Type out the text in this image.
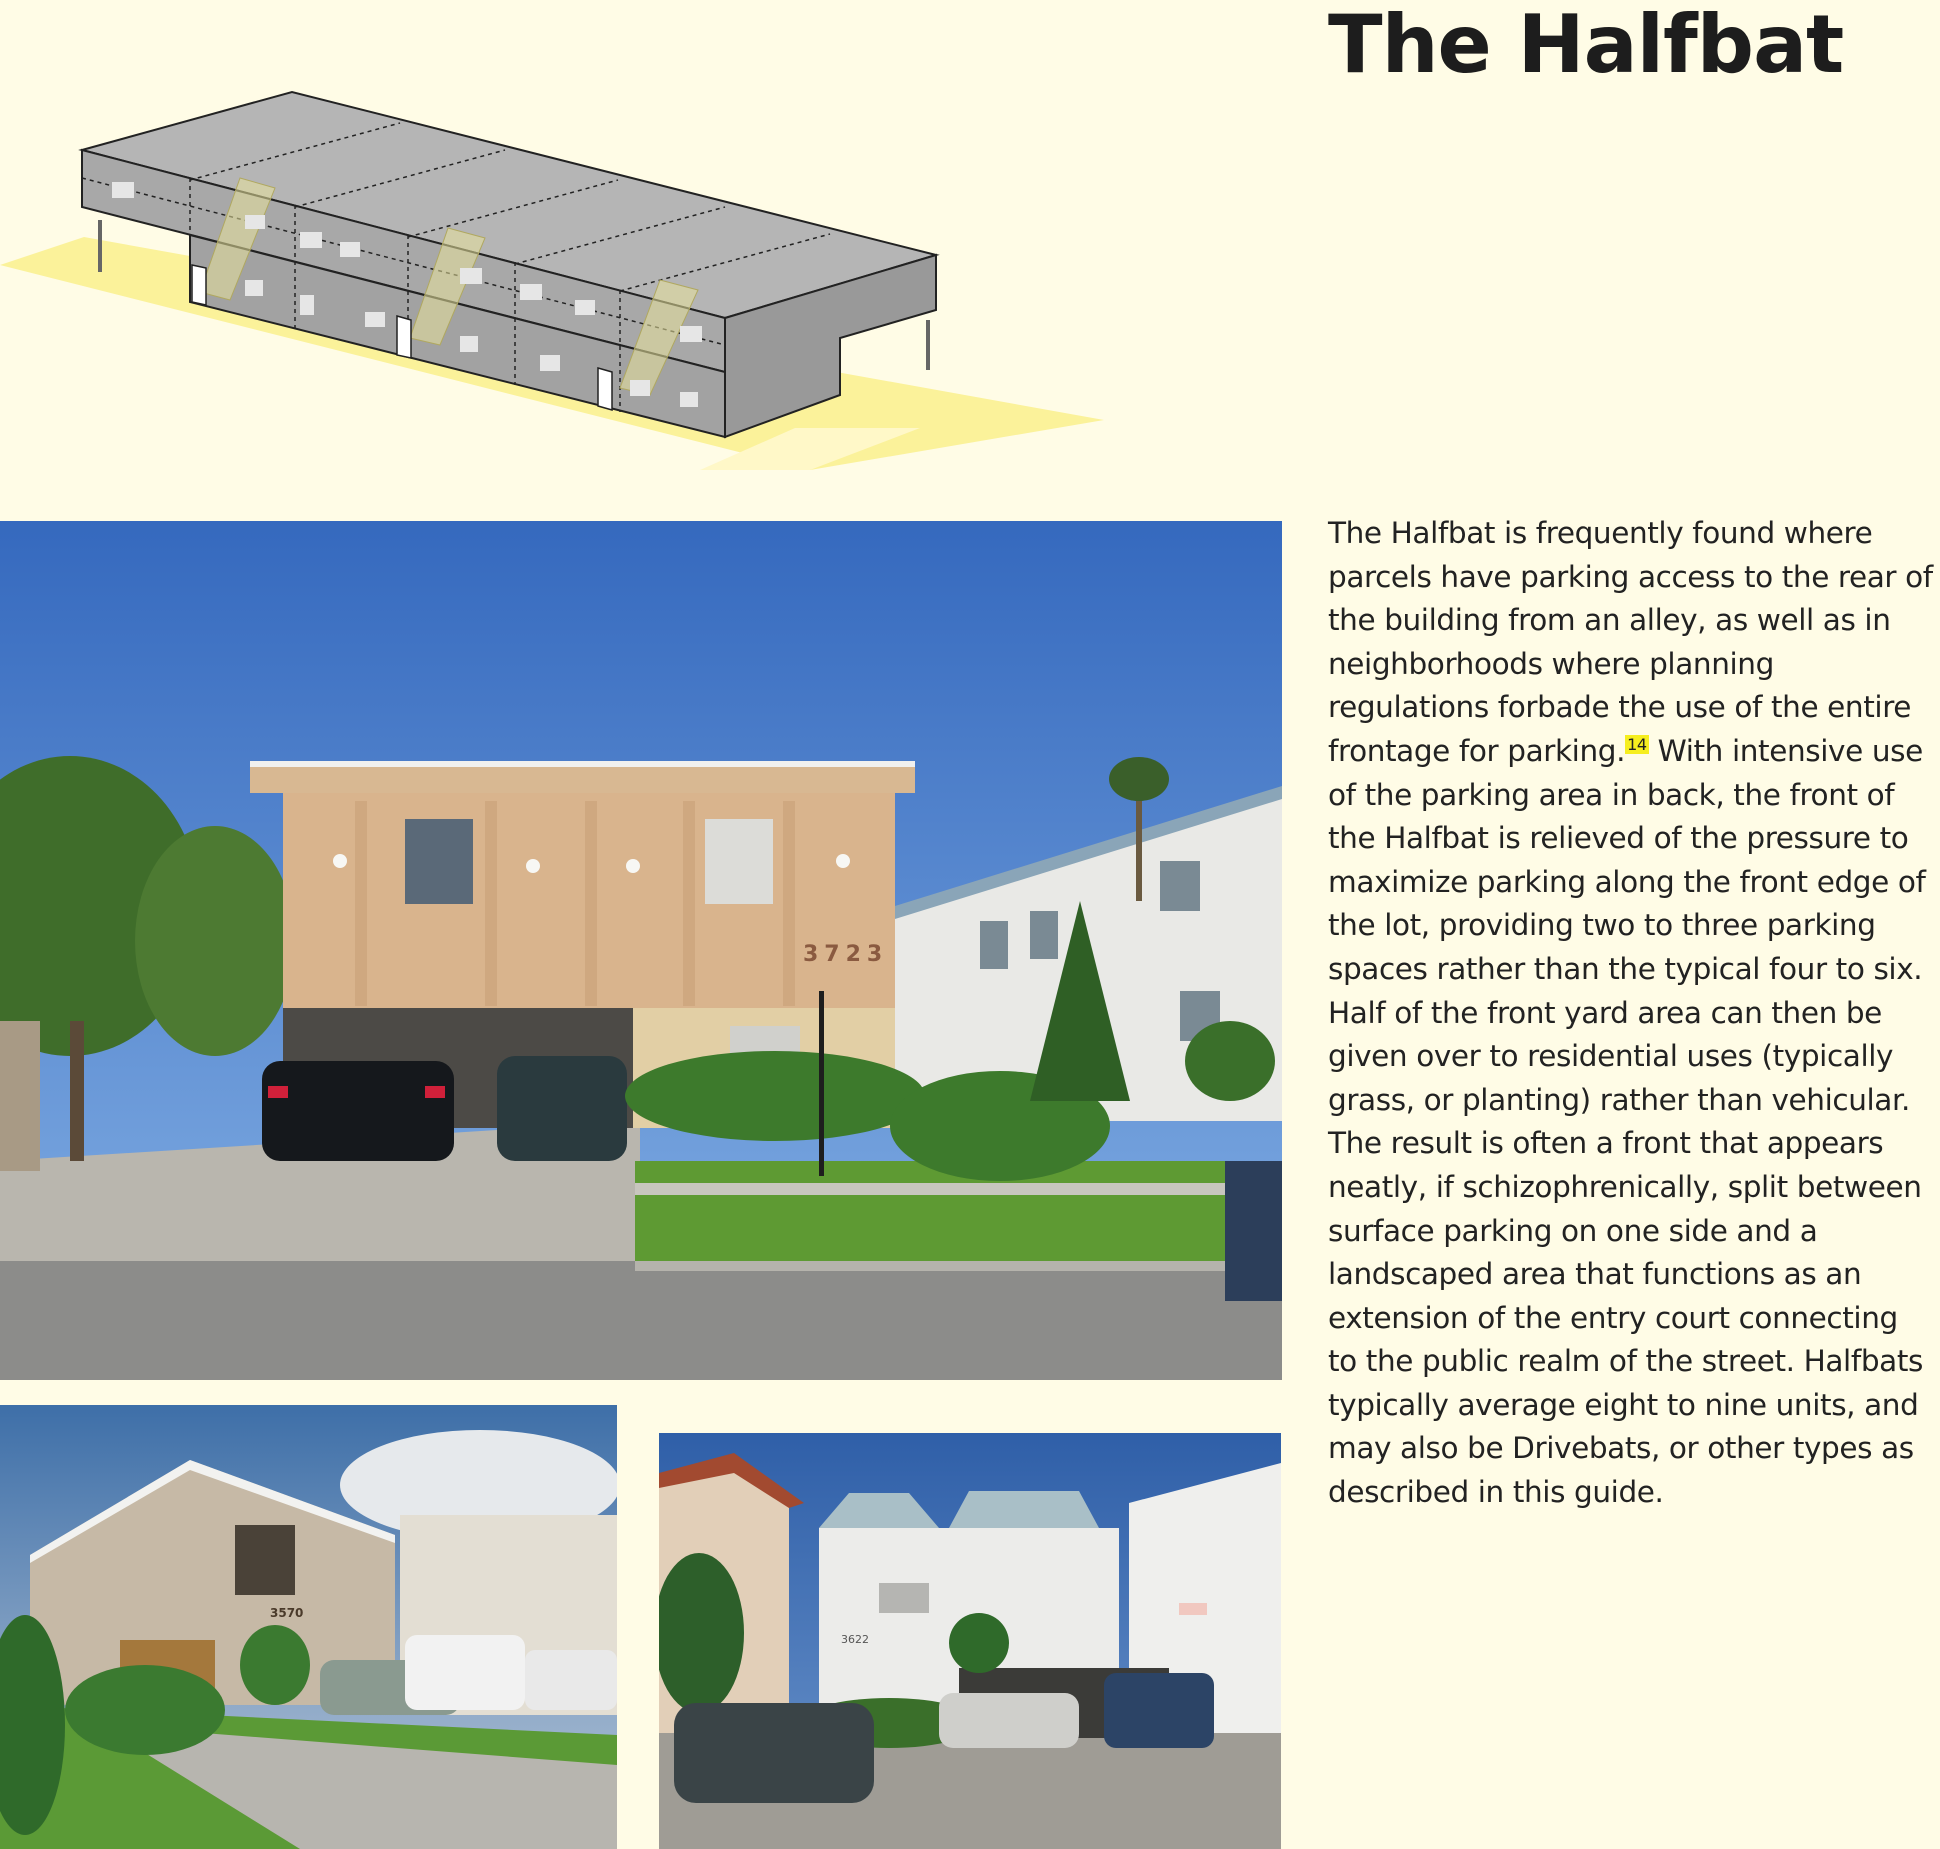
The Halfbat
3723
3570
3622

The Halfbat is frequently found where parcels have parking access to the rear of the building from an alley, as well as in neighborhoods where planning regulations forbade the use of the entire frontage for parking. $^{14}$ With intensive use of the parking area in back, the front of the Halfbat is relieved of the pressure to maximize parking along the front edge of the lot, providing two to three parking spaces rather than the typical four to six. Half of the front yard area can then be given over to residential uses (typically grass, or planting) rather than vehicular. The result is often a front that appears neatly, if schizophrenically, split between surface parking on one side and a landscaped area that functions as an extension of the entry court connecting to the public realm of the street. Halfbats typically average eight to nine units, and may also be Drivebats, or other types as described in this guide.
